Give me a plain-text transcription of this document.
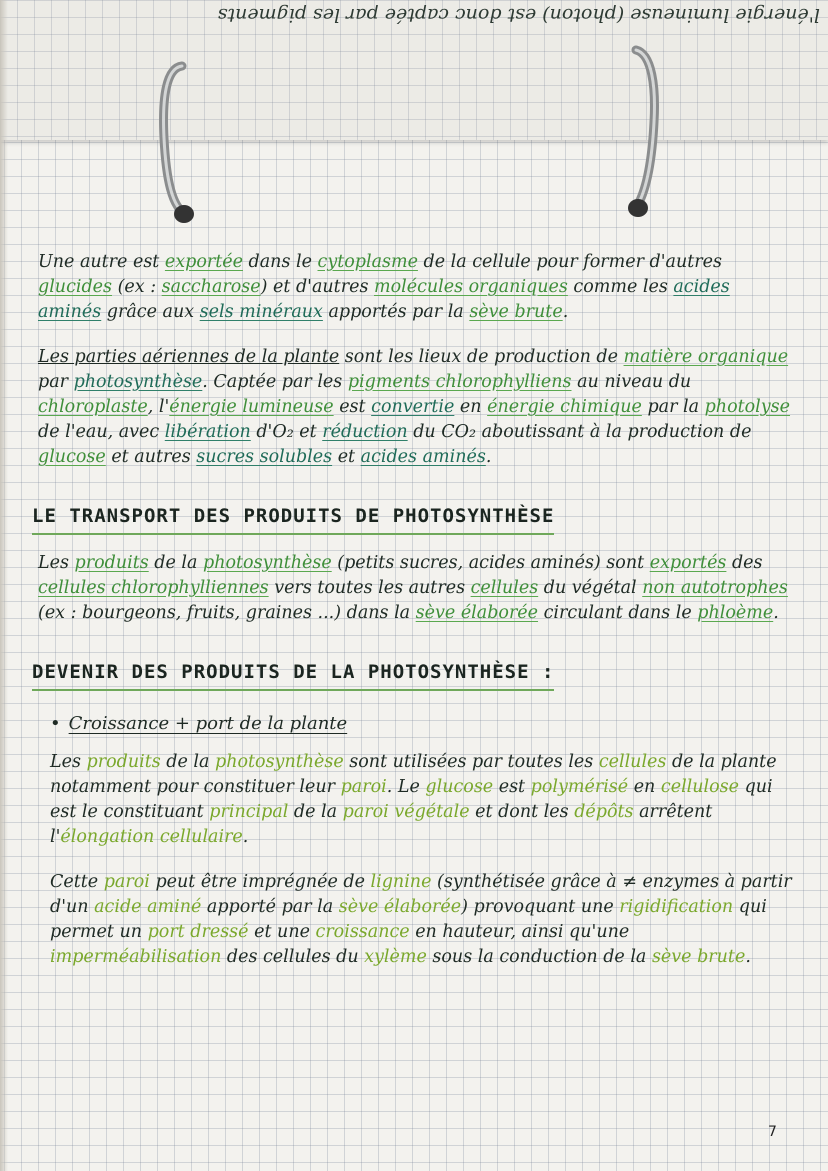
l'énergie lumineuse (photon) est donc captée par les pigments

Une autre est exportée dans le cytoplasme de la cellule pour former d'autres glucides (ex : saccharose) et d'autres molécules organiques comme les acides aminés grâce aux sels minéraux apportés par la sève brute.

Les parties aériennes de la plante sont les lieux de production de matière organique par photosynthèse. Captée par les pigments chlorophylliens au niveau du chloroplaste, l'énergie lumineuse est convertie en énergie chimique par la photolyse de l'eau, avec libération d'O₂ et réduction du CO₂ aboutissant à la production de glucose et autres sucres solubles et acides aminés.

LE TRANSPORT DES PRODUITS DE PHOTOSYNTHÈSE

Les produits de la photosynthèse (petits sucres, acides aminés) sont exportés des cellules chlorophylliennes vers toutes les autres cellules du végétal non autotrophes (ex : bourgeons, fruits, graines ...) dans la sève élaborée circulant dans le phloème.

DEVENIR DES PRODUITS DE LA PHOTOSYNTHÈSE :
• Croissance + port de la plante

Les produits de la photosynthèse sont utilisées par toutes les cellules de la plante notamment pour constituer leur paroi. Le glucose est polymérisé en cellulose qui est le constituant principal de la paroi végétale et dont les dépôts arrêtent l'élongation cellulaire.

Cette paroi peut être imprégnée de lignine (synthétisée grâce à ≠ enzymes à partir d'un acide aminé apporté par la sève élaborée) provoquant une rigidification qui permet un port dressé et une croissance en hauteur, ainsi qu'une imperméabilisation des cellules du xylème sous la conduction de la sève brute.

7
